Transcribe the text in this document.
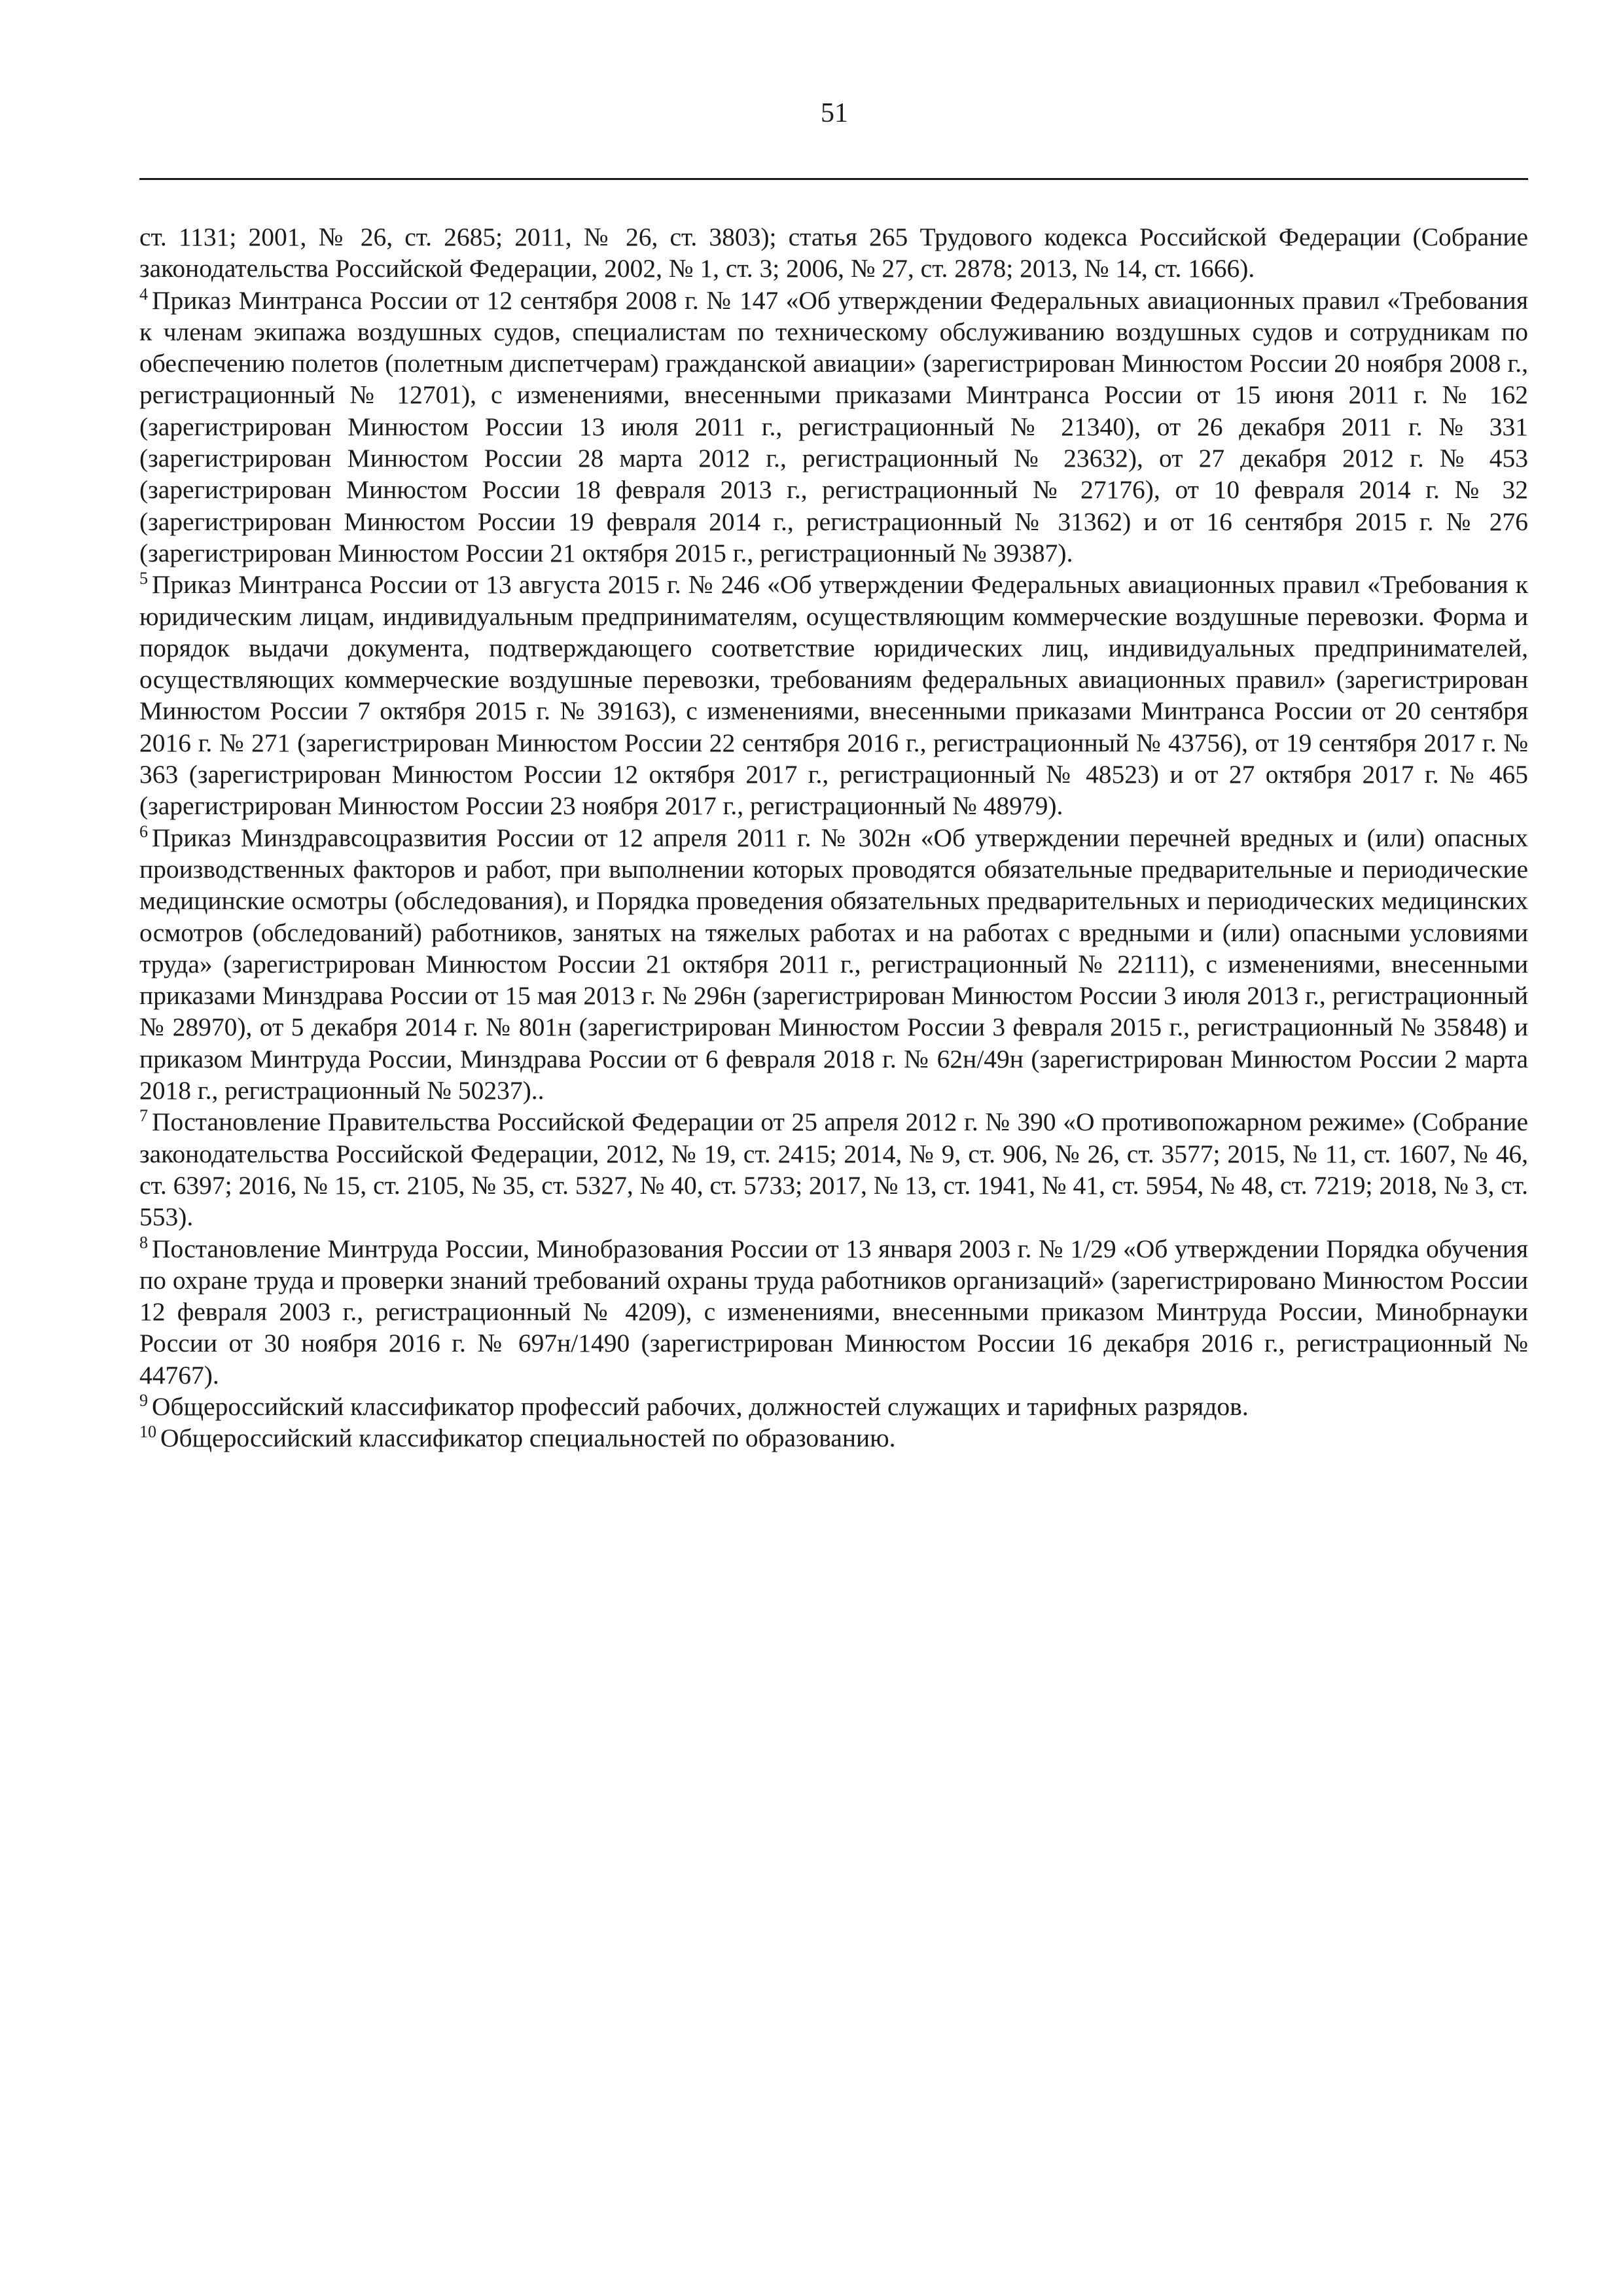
51

ст. 1131; 2001, № 26, ст. 2685; 2011, № 26, ст. 3803); статья 265 Трудового кодекса Российской Федерации (Собрание законодательства Российской Федерации, 2002, № 1, ст. 3; 2006, № 27, ст. 2878; 2013, № 14, ст. 1666).

$^4$ Приказ Минтранса России от 12 сентября 2008 г. № 147 «Об утверждении Федеральных авиационных правил «Требования к членам экипажа воздушных судов, специалистам по техническому обслуживанию воздушных судов и сотрудникам по обеспечению полетов (полетным диспетчерам) гражданской авиации» (зарегистрирован Минюстом России 20 ноября 2008 г., регистрационный № 12701), с изменениями, внесенными приказами Минтранса России от 15 июня 2011 г. № 162 (зарегистрирован Минюстом России 13 июля 2011 г., регистрационный № 21340), от 26 декабря 2011 г. № 331 (зарегистрирован Минюстом России 28 марта 2012 г., регистрационный № 23632), от 27 декабря 2012 г. № 453 (зарегистрирован Минюстом России 18 февраля 2013 г., регистрационный № 27176), от 10 февраля 2014 г. № 32 (зарегистрирован Минюстом России 19 февраля 2014 г., регистрационный № 31362) и от 16 сентября 2015 г. № 276 (зарегистрирован Минюстом России 21 октября 2015 г., регистрационный № 39387).

$^5$ Приказ Минтранса России от 13 августа 2015 г. № 246 «Об утверждении Федеральных авиационных правил «Требования к юридическим лицам, индивидуальным предпринимателям, осуществляющим коммерческие воздушные перевозки. Форма и порядок выдачи документа, подтверждающего соответствие юридических лиц, индивидуальных предпринимателей, осуществляющих коммерческие воздушные перевозки, требованиям федеральных авиационных правил» (зарегистрирован Минюстом России 7 октября 2015 г. № 39163), с изменениями, внесенными приказами Минтранса России от 20 сентября 2016 г. № 271 (зарегистрирован Минюстом России 22 сентября 2016 г., регистрационный № 43756), от 19 сентября 2017 г. № 363 (зарегистрирован Минюстом России 12 октября 2017 г., регистрационный № 48523) и от 27 октября 2017 г. № 465 (зарегистрирован Минюстом России 23 ноября 2017 г., регистрационный № 48979).

$^6$ Приказ Минздравсоцразвития России от 12 апреля 2011 г. № 302н «Об утверждении перечней вредных и (или) опасных производственных факторов и работ, при выполнении которых проводятся обязательные предварительные и периодические медицинские осмотры (обследования), и Порядка проведения обязательных предварительных и периодических медицинских осмотров (обследований) работников, занятых на тяжелых работах и на работах с вредными и (или) опасными условиями труда» (зарегистрирован Минюстом России 21 октября 2011 г., регистрационный № 22111), с изменениями, внесенными приказами Минздрава России от 15 мая 2013 г. № 296н (зарегистрирован Минюстом России 3 июля 2013 г., регистрационный № 28970), от 5 декабря 2014 г. № 801н (зарегистрирован Минюстом России 3 февраля 2015 г., регистрационный № 35848) и приказом Минтруда России, Минздрава России от 6 февраля 2018 г. № 62н/49н (зарегистрирован Минюстом России 2 марта 2018 г., регистрационный № 50237)..

$^7$ Постановление Правительства Российской Федерации от 25 апреля 2012 г. № 390 «О противопожарном режиме» (Собрание законодательства Российской Федерации, 2012, № 19, ст. 2415; 2014, № 9, ст. 906, № 26, ст. 3577; 2015, № 11, ст. 1607, № 46, ст. 6397; 2016, № 15, ст. 2105, № 35, ст. 5327, № 40, ст. 5733; 2017, № 13, ст. 1941, № 41, ст. 5954, № 48, ст. 7219; 2018, № 3, ст. 553).

$^8$ Постановление Минтруда России, Минобразования России от 13 января 2003 г. № 1/29 «Об утверждении Порядка обучения по охране труда и проверки знаний требований охраны труда работников организаций» (зарегистрировано Минюстом России 12 февраля 2003 г., регистрационный № 4209), с изменениями, внесенными приказом Минтруда России, Минобрнауки России от 30 ноября 2016 г. № 697н/1490 (зарегистрирован Минюстом России 16 декабря 2016 г., регистрационный № 44767).

$^9$ Общероссийский классификатор профессий рабочих, должностей служащих и тарифных разрядов.

$^{10}$ Общероссийский классификатор специальностей по образованию.
